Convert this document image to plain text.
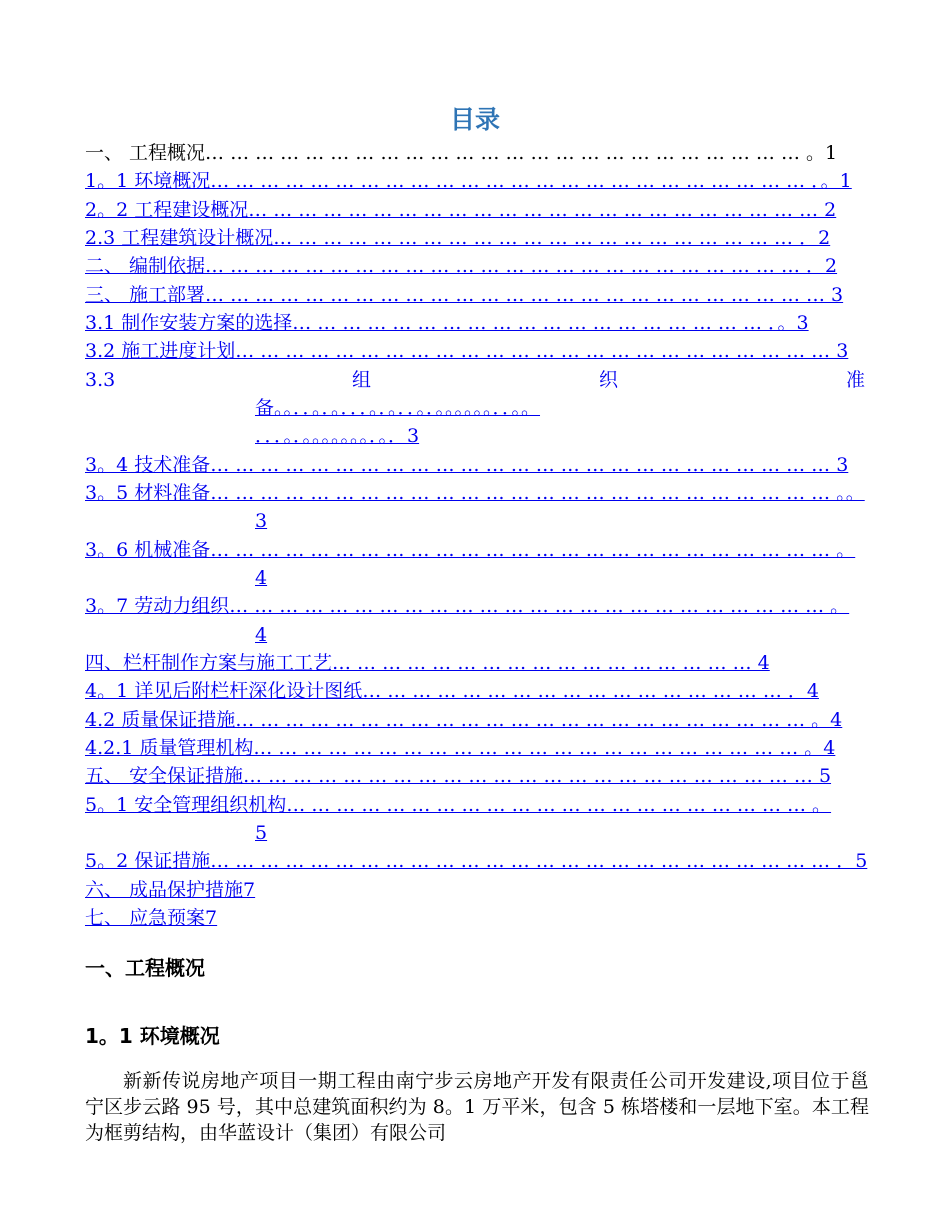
目录
一、 工程概况… … … … … … … … … … … … … … … … … … … … … … … … 。1
1。1 环境概况… … … … … … … … … … … … … … … … … … … … … … … … ．。1
2。2 工程建设概况… … … … … … … … … … … … … … … … … … … … … … … 2
2.3 工程建筑设计概况… … … … … … … … … … … … … … … … … … … … … ．2
二、 编制依据… … … … … … … … … … … … … … … … … … … … … … … … ．2
三、 施工部署… … … … … … … … … … … … … … … … … … … … … … … … … 3
3.1 制作安装方案的选择… … … … … … … … … … … … … … … … … … … ．。3
3.2 施工进度计划… … … … … … … … … … … … … … … … … … … … … … … … 3
3.3	组	织	准
备。。．．。．。．．．。．。．．。．。。。。。。．．。。
．．．。．。。。。。。。．。．3
3。4 技术准备… … … … … … … … … … … … … … … … … … … … … … … … … 3
3。5 材料准备… … … … … … … … … … … … … … … … … … … … … … … … … 。。
3
3。6 机械准备… … … … … … … … … … … … … … … … … … … … … … … … … 。
4
3。7 劳动力组织… … … … … … … … … … … … … … … … … … … … … … … … 。
4
四、栏杆制作方案与施工工艺… … … … … … … … … … … … … … … … … 4
4。1 详见后附栏杆深化设计图纸… … … … … … … … … … … … … … … … … ．4
4.2 质量保证措施… … … … … … … … … … … … … … … … … … … … … … … 。4
4.2.1 质量管理机构… … … … … … … … … … … … … … … … … … … … … … 。4
五、 安全保证措施… … … … … … … … … … … … … … … … … … … … … … … 5
5。1 安全管理组织机构… … … … … … … … … … … … … … … … … … … … … 。
5
5。2 保证措施… … … … … … … … … … … … … … … … … … … … … … … … … ．5
六、 成品保护措施7
七、 应急预案7
一、工程概况
1。1 环境概况

新新传说房地产项目一期工程由南宁步云房地产开发有限责任公司开发建设,项目位于邕宁区步云路 95 号，其中总建筑面积约为 8。1 万平米，包含 5 栋塔楼和一层地下室。本工程为框剪结构，由华蓝设计（集团）有限公司
